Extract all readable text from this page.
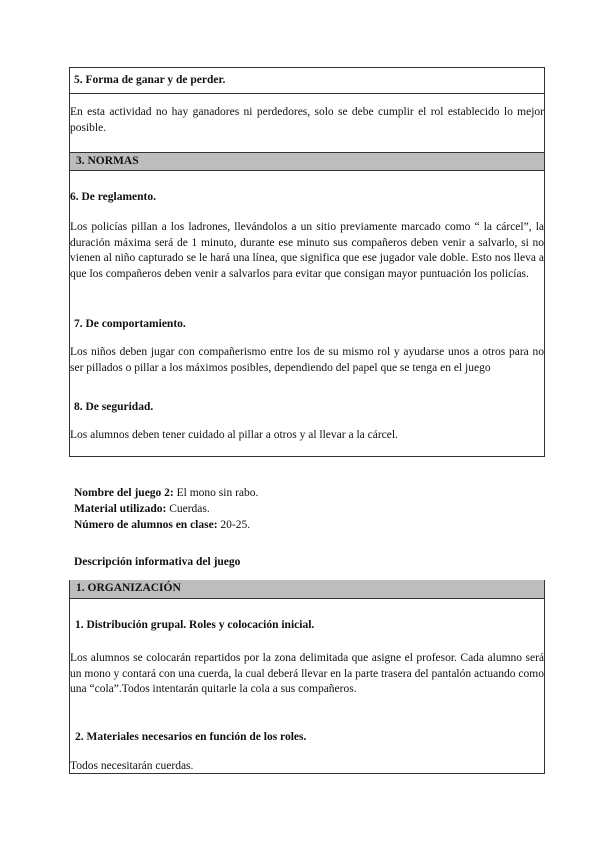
5. Forma de ganar y de perder.
En esta actividad no hay ganadores ni perdedores, solo se debe cumplir el rol establecido lo mejor posible.
3. NORMAS
6. De reglamento.
Los policías pillan a los ladrones, llevándolos a un sitio previamente marcado como “ la cárcel”, la duración máxima será de 1 minuto, durante ese minuto sus compañeros deben venir a salvarlo, si no vienen al niño capturado se le hará una línea, que significa que ese jugador vale doble. Esto nos lleva a que los compañeros deben venir a salvarlos para evitar que consigan mayor puntuación los policías.
7. De comportamiento.
Los niños deben jugar con compañerismo entre los de su mismo rol y ayudarse unos a otros para no ser pillados o pillar a los máximos posibles, dependiendo del papel que se tenga en el juego
8. De seguridad.
Los alumnos deben tener cuidado al pillar a otros y al llevar a la cárcel.
Nombre del juego 2: El mono sin rabo.
Material utilizado: Cuerdas.
Número de alumnos en clase: 20-25.
Descripción informativa del juego
1. ORGANIZACIÓN
1. Distribución grupal. Roles y colocación inicial.
Los alumnos se colocarán repartidos por la zona delimitada que asigne el profesor. Cada alumno será un mono y contará con una cuerda, la cual deberá llevar en la parte trasera del pantalón actuando como una “cola”.Todos intentarán quitarle la cola a sus compañeros.
2. Materiales necesarios en función de los roles.
Todos necesitarán cuerdas.
